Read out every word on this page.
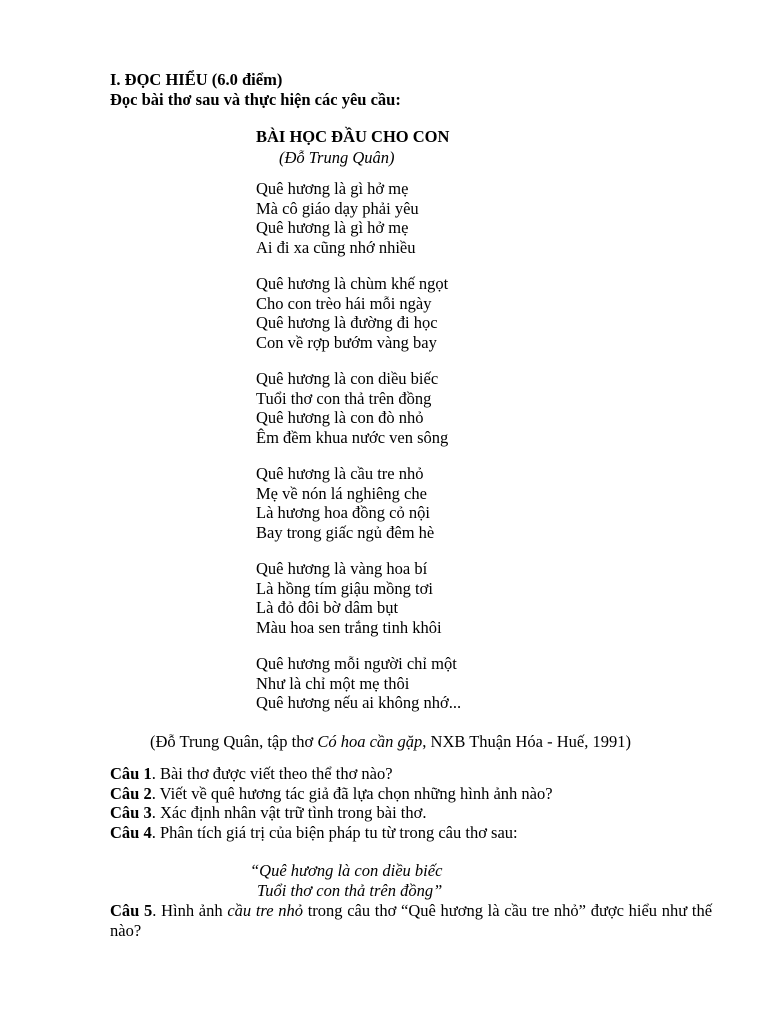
I. ĐỌC HIỂU (6.0 điểm)
Đọc bài thơ sau và thực hiện các yêu cầu:
BÀI HỌC ĐẦU CHO CON
(Đỗ Trung Quân)
Quê hương là gì hở mẹ
Mà cô giáo dạy phải yêu
Quê hương là gì hở mẹ
Ai đi xa cũng nhớ nhiều
Quê hương là chùm khế ngọt
Cho con trèo hái mỗi ngày
Quê hương là đường đi học
Con về rợp bướm vàng bay
Quê hương là con diều biếc
Tuổi thơ con thả trên đồng
Quê hương là con đò nhỏ
Êm đềm khua nước ven sông
Quê hương là cầu tre nhỏ
Mẹ về nón lá nghiêng che
Là hương hoa đồng cỏ nội
Bay trong giấc ngủ đêm hè
Quê hương là vàng hoa bí
Là hồng tím giậu mồng tơi
Là đỏ đôi bờ dâm bụt
Màu hoa sen trắng tinh khôi
Quê hương mỗi người chỉ một
Như là chỉ một mẹ thôi
Quê hương nếu ai không nhớ...
(Đỗ Trung Quân, tập thơ Có hoa cần gặp, NXB Thuận Hóa - Huế, 1991)
Câu 1. Bài thơ được viết theo thể thơ nào?
Câu 2. Viết về quê hương tác giả đã lựa chọn những hình ảnh nào?
Câu 3. Xác định nhân vật trữ tình trong bài thơ.
Câu 4. Phân tích giá trị của biện pháp tu từ trong câu thơ sau:
“Quê hương là con diều biếc
Tuổi thơ con thả trên đồng”
Câu 5. Hình ảnh cầu tre nhỏ trong câu thơ “Quê hương là cầu tre nhỏ” được hiểu như thế nào?
